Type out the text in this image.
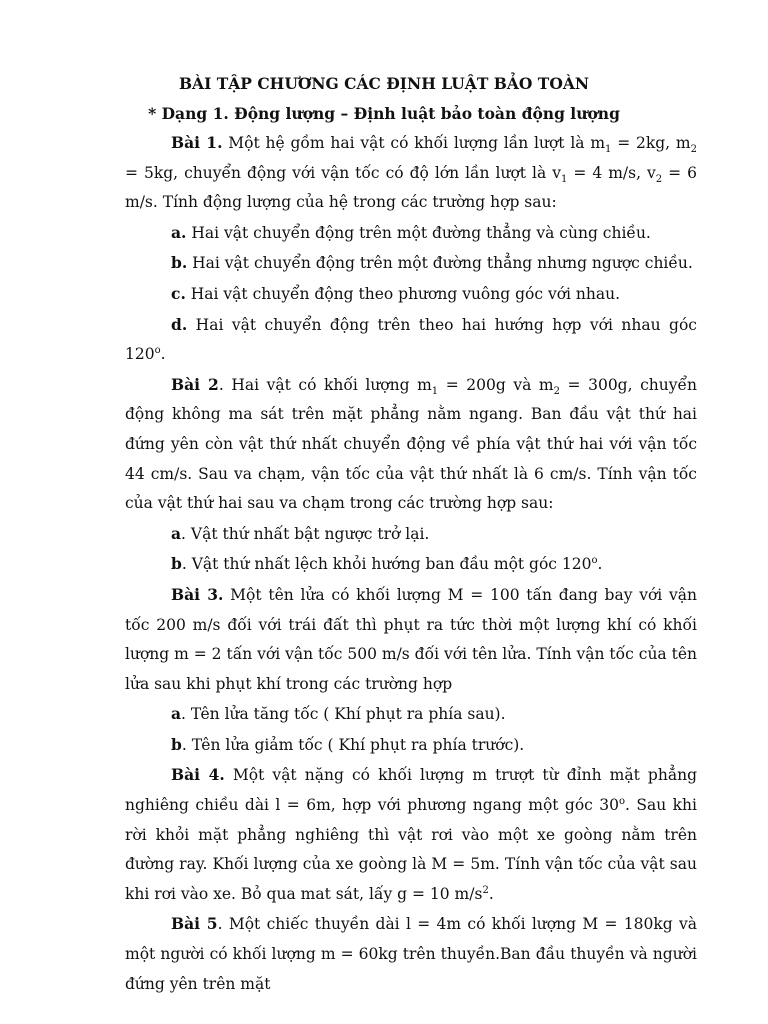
BÀI TẬP CHƯƠNG CÁC ĐỊNH LUẬT BẢO TOÀN
* Dạng 1. Động lượng – Định luật bảo toàn động lượng

Bài 1. Một hệ gồm hai vật có khối lượng lần lượt là $m_1 = 2kg$, $m_2 = 5kg$, chuyển động với vận tốc có độ lớn lần lượt là $v_1 = 4$ m/s, $v_2 = 6$ m/s. Tính động lượng của hệ trong các trường hợp sau:

a. Hai vật chuyển động trên một đường thẳng và cùng chiều.

b. Hai vật chuyển động trên một đường thẳng nhưng ngược chiều.

c. Hai vật chuyển động theo phương vuông góc với nhau.

d. Hai vật chuyển động trên theo hai hướng hợp với nhau góc 120$^o$.

Bài 2. Hai vật có khối lượng $m_1 = 200g$ và $m_2 = 300g$, chuyển động không ma sát trên mặt phẳng nằm ngang. Ban đầu vật thứ hai đứng yên còn vật thứ nhất chuyển động về phía vật thứ hai với vận tốc 44 cm/s. Sau va chạm, vận tốc của vật thứ nhất là 6 cm/s. Tính vận tốc của vật thứ hai sau va chạm trong các trường hợp sau:

a. Vật thứ nhất bật ngược trở lại.

b. Vật thứ nhất lệch khỏi hướng ban đầu một góc 120$^o$.

Bài 3. Một tên lửa có khối lượng M = 100 tấn đang bay với vận tốc 200 m/s đối với trái đất thì phụt ra tức thời một lượng khí có khối lượng m = 2 tấn với vận tốc 500 m/s đối với tên lửa. Tính vận tốc của tên lửa sau khi phụt khí trong các trường hợp

a. Tên lửa tăng tốc ( Khí phụt ra phía sau).

b. Tên lửa giảm tốc ( Khí phụt ra phía trước).

Bài 4. Một vật nặng có khối lượng m trượt từ đỉnh mặt phẳng nghiêng chiều dài l = 6m, hợp với phương ngang một góc 30$^o$. Sau khi rời khỏi mặt phẳng nghiêng thì vật rơi vào một xe goòng nằm trên đường ray. Khối lượng của xe goòng là M = 5m. Tính vận tốc của vật sau khi rơi vào xe. Bỏ qua mat sát, lấy g = 10 $m/s^2$.

Bài 5. Một chiếc thuyền dài l = 4m có khối lượng M = 180kg và một người có khối lượng m = 60kg trên thuyền.Ban đầu thuyền và người đứng yên trên mặt
